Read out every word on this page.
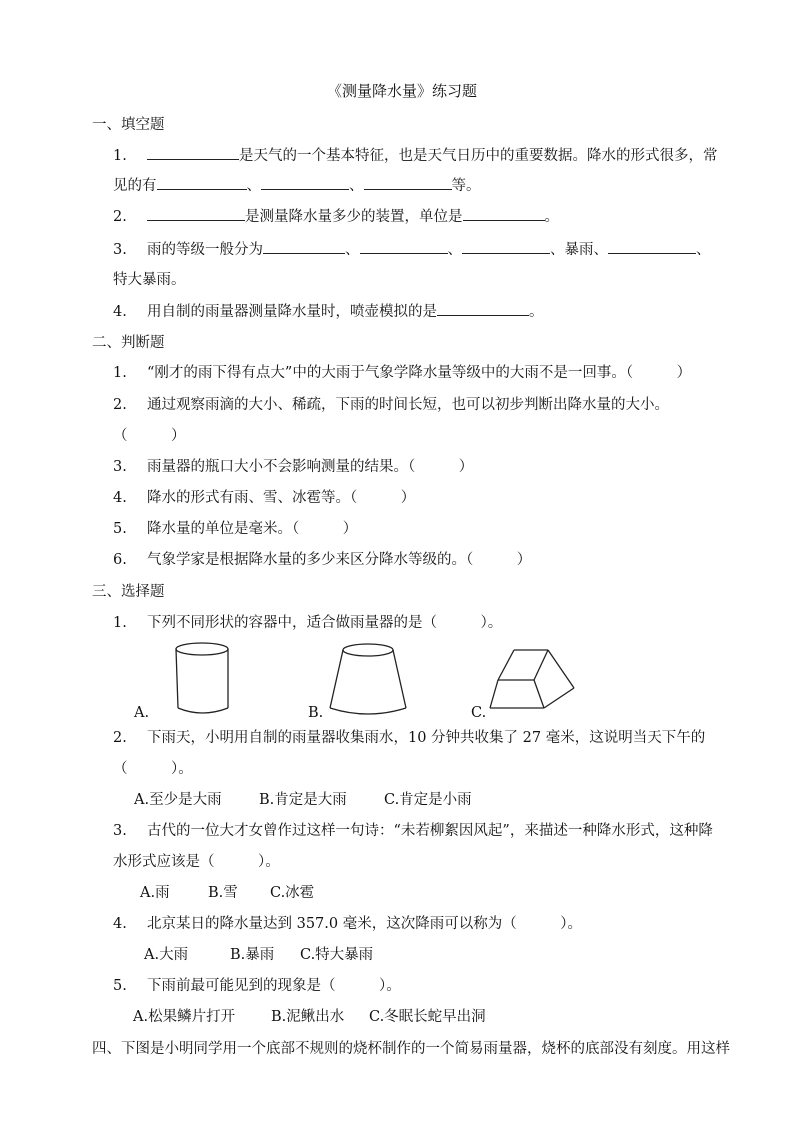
《测量降水量》练习题
一、填空题
1.	是天气的一个基本特征，也是天气日历中的重要数据。降水的形式很多，常
见的有	、	、	等。
2.	是测量降水量多少的装置，单位是	。
3. 雨的等级一般分为	、	、	、暴雨、	、
特大暴雨。
4. 用自制的雨量器测量降水量时，喷壶模拟的是	。
二、判断题
1. “刚才的雨下得有点大”中的大雨于气象学降水量等级中的大雨不是一回事。（　　　）
2. 通过观察雨滴的大小、稀疏，下雨的时间长短，也可以初步判断出降水量的大小。
（　　　）
3. 雨量器的瓶口大小不会影响测量的结果。（　　　）
4. 降水的形式有雨、雪、冰雹等。（　　　）
5. 降水量的单位是毫米。（　　　）
6. 气象学家是根据降水量的多少来区分降水等级的。（　　　）
三、选择题
1. 下列不同形状的容器中，适合做雨量器的是（　　　）。
A.	B.	C.
2. 下雨天，小明用自制的雨量器收集雨水，10 分钟共收集了 27 毫米，这说明当天下午的
（　　　）。
A.至少是大雨	B.肯定是大雨	C.肯定是小雨
3. 古代的一位大才女曾作过这样一句诗：“未若柳絮因风起”，来描述一种降水形式，这种降
水形式应该是（　　　）。
A.雨	B.雪 C.冰雹
4. 北京某日的降水量达到 357.0 毫米，这次降雨可以称为（　　　）。
A.大雨	B.暴雨 C.特大暴雨
5. 下雨前最可能见到的现象是（　　　）。
A.松果鳞片打开 B.泥鳅出水 C.冬眠长蛇早出洞
四、下图是小明同学用一个底部不规则的烧杯制作的一个简易雨量器，烧杯的底部没有刻度。用这样
